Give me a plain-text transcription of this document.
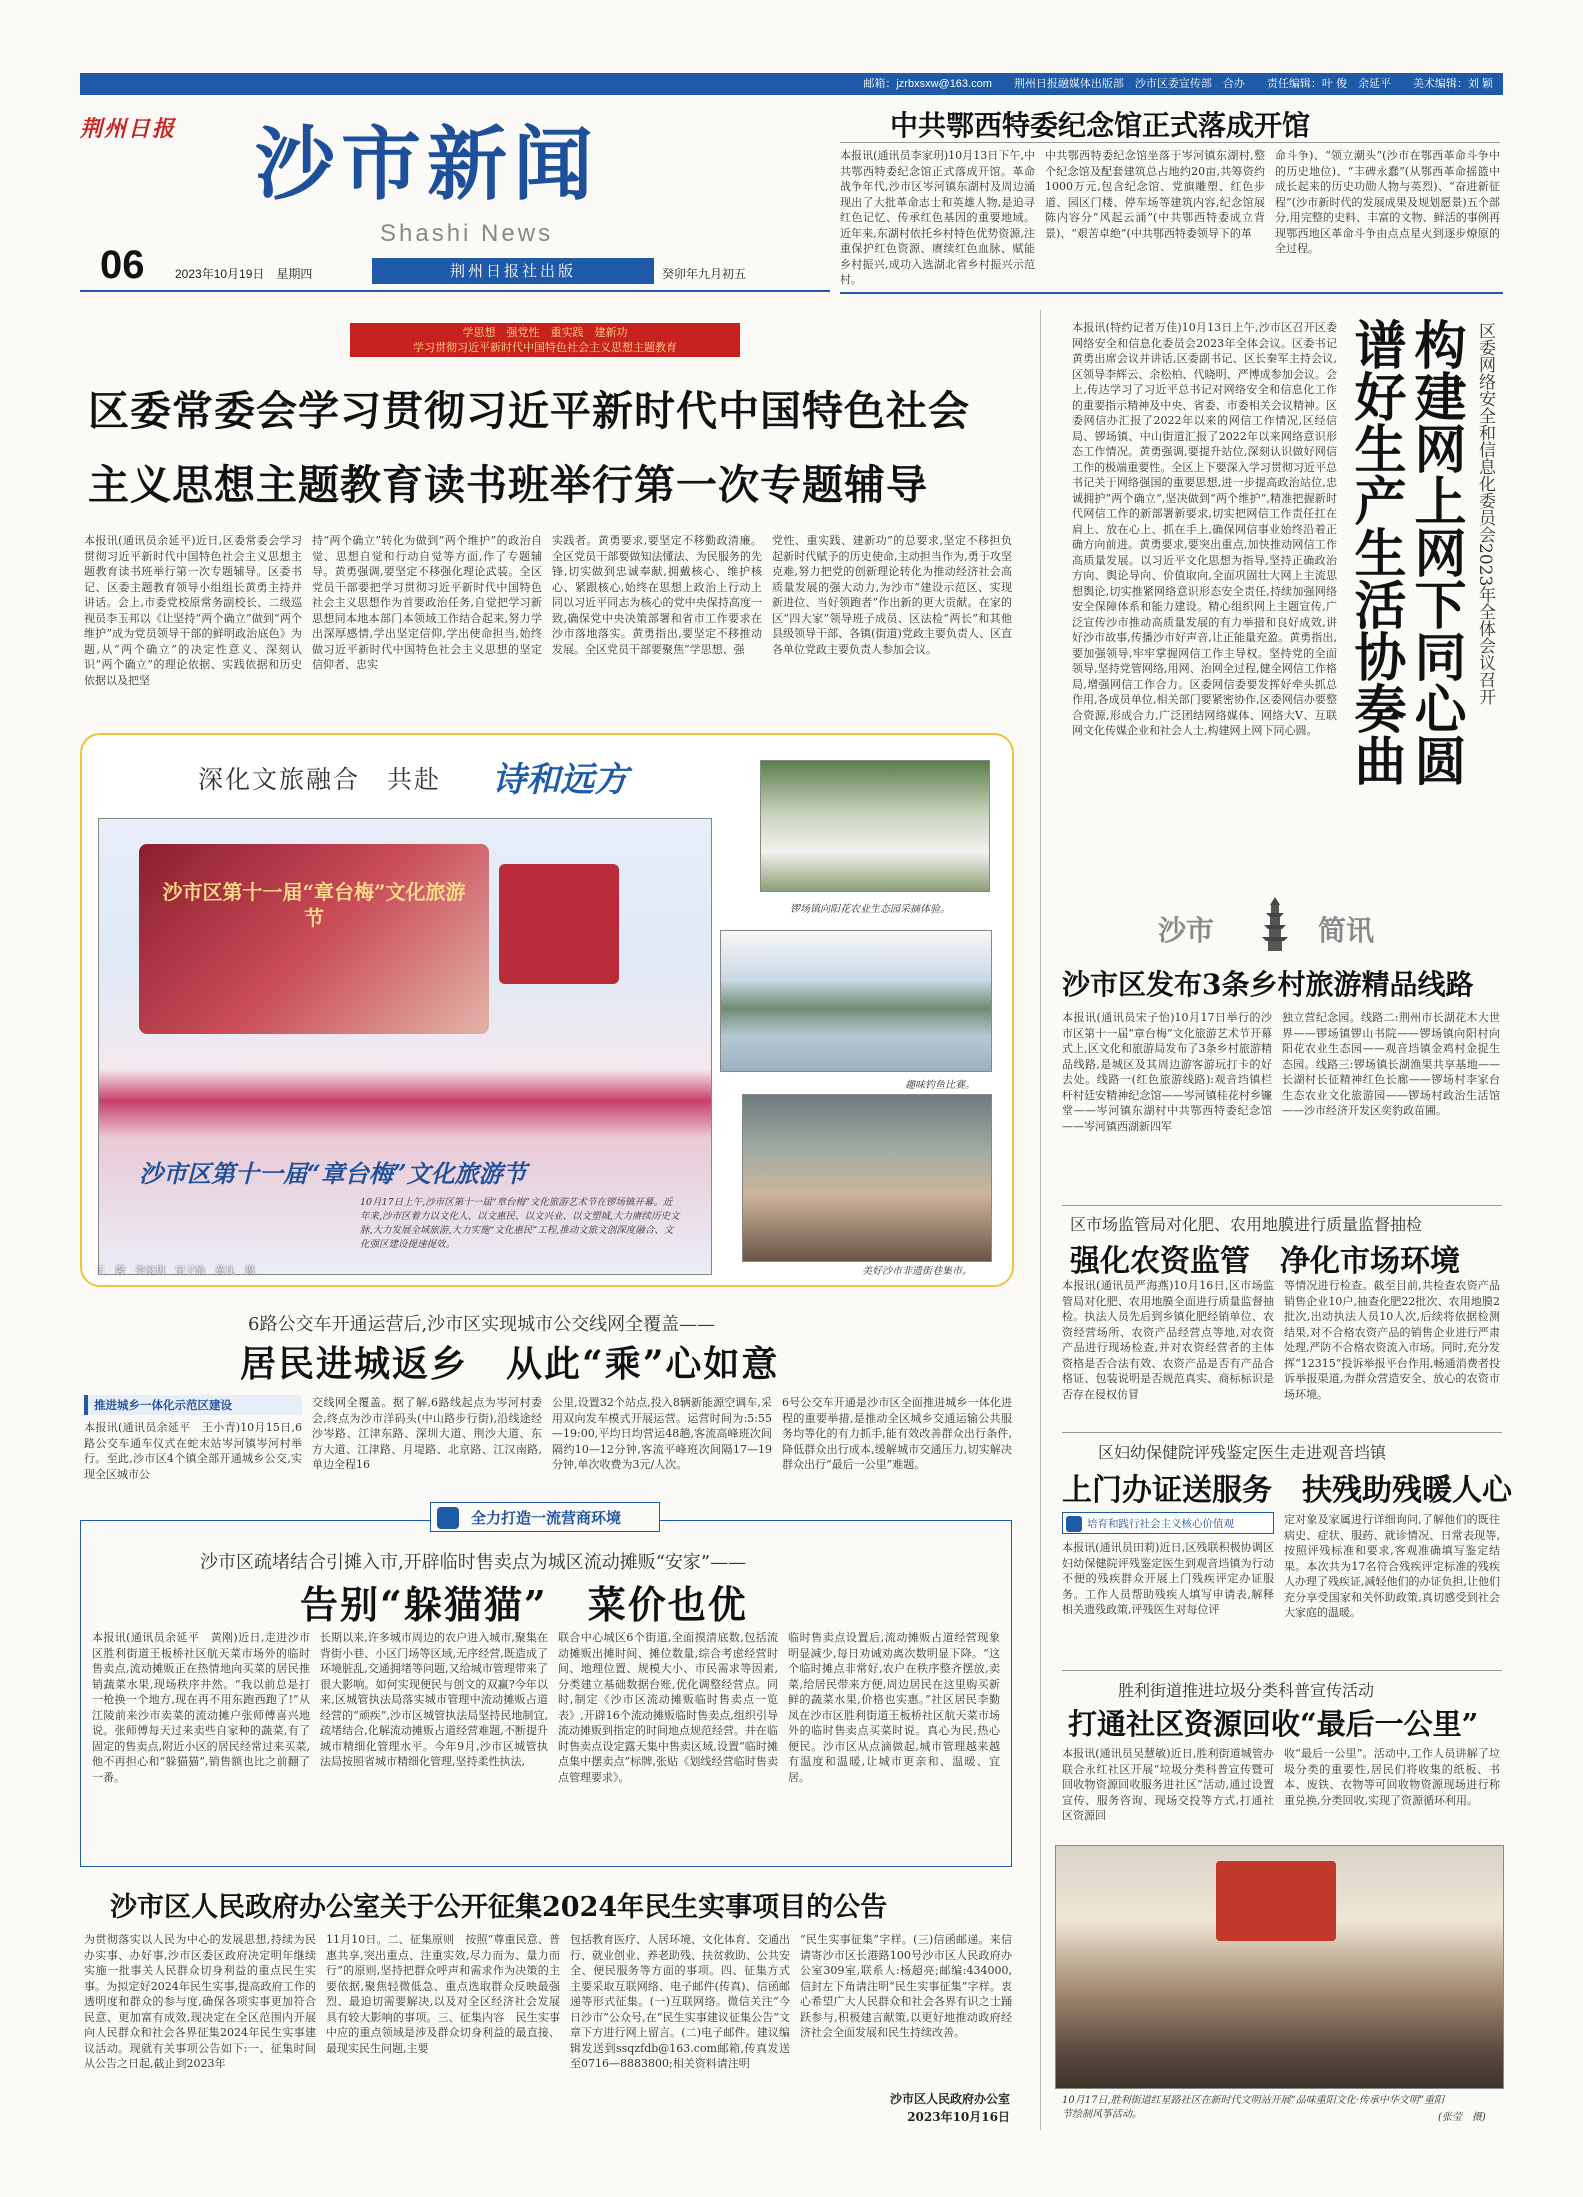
邮箱：jzrbxsxw@163.com　　荆州日报融媒体出版部　沙市区委宣传部　合办　　责任编辑：叶 俊　余延平　　美术编辑：刘 颖
荆州日报 沙市新闻
Shashi News
06	2023年10月19日　星期四	荆州日报社出版	癸卯年九月初五
中共鄂西特委纪念馆正式落成开馆
本报讯(通讯员李家玥)10月13日下午,中共鄂西特委纪念馆正式落成开馆。革命战争年代,沙市区岑河镇东湖村及周边涌现出了大批革命志士和英雄人物,是迫寻红色记忆、传承红色基因的重要地域。近年来,东湖村依托乡村特色优势资源,注重保护红色资源、赓续红色血脉、赋能乡村振兴,成功入选湖北省乡村振兴示范村。
中共鄂西特委纪念馆坐落于岑河镇东湖村,整个纪念馆及配套建筑总占地约20亩,共筹资约1000万元,包含纪念馆、党旗雕塑、红色步道、园区门楼、停车场等建筑内容,纪念馆展陈内容分“风起云涌”(中共鄂西特委成立背景)、“艰苦卓绝”(中共鄂西特委领导下的革
命斗争)、“领立潮头”(沙市在鄂西革命斗争中的历史地位)、“丰碑永蠢”(从鄂西革命摇篮中成长起来的历史功勋人物与英烈)、“奋进新征程”(沙市新时代的发展成果及规划愿景)五个部分,用完整的史料、丰富的文物、鲜活的事例再现鄂西地区革命斗争由点点星火到逐步燎原的全过程。
学思想　强党性　重实践　建新功
学习贯彻习近平新时代中国特色社会主义思想主题教育
区委常委会学习贯彻习近平新时代中国特色社会
主义思想主题教育读书班举行第一次专题辅导
本报讯(通讯员余延平)近日,区委常委会学习贯彻习近平新时代中国特色社会主义思想主题教育读书班举行第一次专题辅导。区委书记、区委主题教育领导小组组长黄勇主持并讲话。会上,市委党校原常务副校长、二级巡视员李玉邦以《让坚持“两个确立”做到“两个维护”成为党员领导干部的鲜明政治底色》为题,从“两个确立”的决定性意义、深刻认识“两个确立”的理论依据、实践依据和历史依据以及把坚
持“两个确立”转化为做到“两个维护”的政治自觉、思想自觉和行动自觉等方面,作了专题辅导。黄勇强调,要坚定不移强化理论武装。全区党员干部要把学习贯彻习近平新时代中国特色社会主义思想作为首要政治任务,自觉把学习新思想同本地本部门本领域工作结合起来,努力学出深厚感情,学出坚定信仰,学出使命担当,始终做习近平新时代中国特色社会主义思想的坚定信仰者、忠实
实践者。黄勇要求,要坚定不移勤政清廉。全区党员干部要做知法懂法、为民服务的先锋,切实做到忠诚奉献,拥戴核心、维护核心、紧跟核心,始终在思想上政治上行动上同以习近平同志为核心的党中央保持高度一致,确保党中央决策部署和省市工作要求在沙市落地落实。黄勇指出,要坚定不移推动发展。全区党员干部要聚焦“学思想、强
党性、重实践、建新功”的总要求,坚定不移担负起新时代赋予的历史使命,主动担当作为,勇于攻坚克难,努力把党的创新理论转化为推动经济社会高质量发展的强大动力,为沙市“建设示范区、实现新进位、当好领跑者”作出新的更大贡献。在家的区“四大家”领导班子成员、区法检“两长”和其他县级领导干部、各镇(街道)党政主要负责人、区直各单位党政主要负责人参加会议。
本报讯(特约记者万佳)10月13日上午,沙市区召开区委网络安全和信息化委员会2023年全体会议。区委书记黄勇出席会议并讲话,区委副书记、区长秦军主持会议,区领导李辉云、余松柏、代晓明、严博成参加会议。会上,传达学习了习近平总书记对网络安全和信息化工作的重要指示精神及中央、省委、市委相关会议精神。区委网信办汇报了2022年以来的网信工作情况,区经信局、锣场镇、中山街道汇报了2022年以来网络意识形态工作情况。黄勇强调,要提升站位,深刻认识做好网信工作的极端重要性。全区上下要深入学习贯彻习近平总书记关于网络强国的重要思想,进一步提高政治站位,忠诚拥护“两个确立”,坚决做到“两个维护”,精准把握新时代网信工作的新部署新要求,切实把网信工作责任扛在肩上、放在心上、抓在手上,确保网信事业始终沿着正确方向前进。黄勇要求,要突出重点,加快推动网信工作高质量发展。以习近平文化思想为指导,坚持正确政治方向、舆论导向、价值取向,全面巩固壮大网上主流思想舆论,切实推紧网络意识形态安全责任,持续加强网络安全保障体系和能力建设。精心组织网上主题宣传,广泛宣传沙市推动高质量发展的有力举措和良好成效,讲好沙市故事,传播沙市好声音,让正能量充盈。黄勇指出,要加强领导,牢牢掌握网信工作主导权。坚持党的全面领导,坚持党管网络,用网、治网全过程,健全网信工作格局,增强网信工作合力。区委网信委要发挥好牵头抓总作用,各成员单位,相关部门要紧密协作,区委网信办要整合资源,形成合力,广泛团结网络媒体、网络大V、互联网文化传媒企业和社会人士,构建网上网下同心圆。
区委网络安全和信息化委员会2023年全体会议召开
构建网上网下同心圆
谱好生产生活协奏曲
深化文旅融合　共赴 诗和远方
沙市区第十一届“章台梅”文化旅游节
沙市区第十一届“章台梅”文化旅游节
锣场镇向阳花农业生态园采摘体验。
趣味钓鱼比赛。
美好沙市非遗街巷集市。
10月17日上午,沙市区第十一届“章台梅”文化旅游艺术节在锣场镇开幕。近年来,沙市区着力以文化人、以文惠民、以文兴业、以文塑城,大力赓续历史文脉,大力发展全域旅游,大力实施“文化惠民”工程,推动文旅文创深度融合、文化强区建设提速提效。
王　馨　李家玥　宋子怡　黄凡　摄
沙市	简讯
沙市区发布3条乡村旅游精品线路
本报讯(通讯员宋子怡)10月17日举行的沙市区第十一届“章台梅”文化旅游艺术节开幕式上,区文化和旅游局发布了3条乡村旅游精品线路,是城区及其周边游客游玩打卡的好去处。线路一(红色旅游线路):观音垱镇栏杆村廷安精神纪念馆——岑河镇桂花村乡镰堂——岑河镇东湖村中共鄂西特委纪念馆——岑河镇西湖新四军
独立营纪念园。线路二:荆州市长湖花木大世界——锣场镇锣山书院——锣场镇向阳村向阳花农业生态园——观音垱镇金鸡村金捉生态园。线路三:锣场镇长湖渔果共享基地——长湖村长征精神红色长廊——锣场村李家台生态农业文化旅游园——锣场村政治生活馆——沙市经济开发区奕豹政苗圃。
区市场监管局对化肥、农用地膜进行质量监督抽检
强化农资监管　净化市场环境
本报讯(通讯员严海燕)10月16日,区市场监管局对化肥、农用地膜全面进行质量监督抽检。执法人员先后到乡镇化肥经销单位、农资经营场所、农资产品经营点等地,对农资产品进行现场检查,并对农资经营者的主体资格是否合法有效、农资产品是否有产品合格证、包装说明是否规范真实、商标标识是否存在侵权仿冒
等情况进行检查。截至目前,共检查农资产品销售企业10户,抽查化肥22批次、农用地膜2批次,出动执法人员10人次,后续将依据检测结果,对不合格农资产品的销售企业进行严肃处理,严防不合格农资流入市场。同时,充分发挥“12315”投诉举报平台作用,畅通消费者投诉举报渠道,为群众营造安全、放心的农资市场环境。
区妇幼保健院评残鉴定医生走进观音垱镇
上门办证送服务　扶残助残暖人心
培育和践行社会主义核心价值观
本报讯(通讯员田莉)近日,区残联积极协调区妇幼保健院评残鉴定医生到观音垱镇为行动不便的残疾群众开展上门残疾评定办证服务。工作人员帮助残疾人填写申请表,解释相关遗残政策,评残医生对每位评
定对象及家属进行详细询问,了解他们的既往病史、症状、服药、就诊情况、日常表现等,按照评残标准和要求,客观准确填写鉴定结果。本次共为17名符合残疾评定标准的残疾人办理了残疾证,减轻他们的办证负担,让他们充分享受国家和关怀助政策,真切感受到社会大家庭的温暖。
胜利街道推进垃圾分类科普宣传活动
打通社区资源回收“最后一公里”
本报讯(通讯员吴慧敏)近日,胜利街道城管办联合永红社区开展“垃圾分类科普宣传暨可回收物资源回收服务进社区”活动,通过设置宣传、服务咨询、现场交投等方式,打通社区资源回
收“最后一公里”。活动中,工作人员讲解了垃圾分类的重要性,居民们将收集的纸板、书本、废铁、衣物等可回收物资源现场进行称重兑换,分类回收,实现了资源循环利用。
10月17日,胜利街道红星路社区在新时代文明站开展“品味重阳文化·传承中华文明”重阳节绘制风筝活动。	(张莹　摄)
6路公交车开通运营后,沙市区实现城市公交线网全覆盖——
居民进城返乡　从此“乘”心如意
推进城乡一体化示范区建设
本报讯(通讯员余延平　王小青)10月15日,6路公交车通车仪式在蛇末站岑河镇岑河村举行。至此,沙市区4个镇全部开通城乡公交,实现全区城市公
交线网全覆盖。据了解,6路线起点为岑河村委会,终点为沙市洋码头(中山路步行街),沿线途经沙岑路、江津东路、深圳大道、荆沙大道、东方大道、江津路、月堤路、北京路、江汉南路,单边全程16
公里,设置32个站点,投入8辆新能源空调车,采用双向发车模式开展运营。运营时间为:5:55—19:00,平均日均营运48趟,客流高峰班次间隔约10—12分钟,客流平峰班次间隔17—19分钟,单次收费为3元/人次。
6号公交车开通是沙市区全面推进城乡一体化进程的重要举措,是推动全区城乡交通运输公共服务均等化的有力抓手,能有效改善群众出行条件,降低群众出行成本,缓解城市交通压力,切实解决群众出行“最后一公里”难题。
全力打造一流营商环境
沙市区疏堵结合引摊入市,开辟临时售卖点为城区流动摊贩“安家”——
告别“躲猫猫”　菜价也优
本报讯(通讯员余延平　黄刚)近日,走进沙市区胜利街道王板桥社区航天菜市场外的临时售卖点,流动摊贩正在热情地向买菜的居民推销蔬菜水果,现场秩序井然。“我以前总是打一枪换一个地方,现在再不用东跑西跑了!”从江陵前来沙市卖菜的流动摊户张师傅喜兴地说。张师傅每天过来卖些自家种的蔬菜,有了固定的售卖点,附近小区的居民经常过来买菜,他不再担心和“躲猫猫”,销售额也比之前翻了一番。
长期以来,许多城市周边的农户进入城市,聚集在背街小巷、小区门场等区域,无序经营,既造成了环境脏乱,交通拥堵等问题,又给城市管理带来了很大影响。如何实现便民与创文的双赢?今年以来,区城管执法局落实城市管理中流动摊贩占道经营的“顽疾”,沙市区城管执法局坚持民地制宜,疏堵结合,化解流动摊贩占道经营难题,不断提升城市精细化管理水平。今年9月,沙市区城管执法局按照省城市精细化管理,坚持柔性执法,
联合中心城区6个街道,全面摸清底数,包括流动摊贩出摊时间、摊位数量,综合考虑经营时间、地理位置、规模大小、市民需求等因素,分类建立基础数据台账,优化调整经营点。同时,制定《沙市区流动摊贩临时售卖点一览表》,开辟16个流动摊贩临时售卖点,组织引导流动摊贩到指定的时间地点规范经营。并在临时售卖点设定露天集中售卖区域,设置“临时摊点集中摆卖点”标牌,张贴《划线经营临时售卖点管理要求》。
临时售卖点设置后,流动摊贩占道经营现象明显减少,每日劝诫劝离次数明显下降。“这个临时摊点非常好,农户在秩序整齐摆放,卖菜,给居民带来方便,周边居民在这里购买新鲜的蔬菜水果,价格也实惠。”社区居民李勤凤在沙市区胜利街道王板桥社区航天菜市场外的临时售卖点买菜时说。真心为民,热心便民。沙市区从点滴做起,城市管理越来越有温度和温暖,让城市更亲和、温暖、宜居。
沙市区人民政府办公室关于公开征集2024年民生实事项目的公告
为贯彻落实以人民为中心的发展思想,持续为民办实事、办好事,沙市区委区政府决定明年继续实施一批事关人民群众切身利益的重点民生实事。为拟定好2024年民生实事,提高政府工作的透明度和群众的参与度,确保各项实事更加符合民意、更加富有成效,现决定在全区范围内开展向人民群众和社会各界征集2024年民生实事建议活动。现就有关事项公告如下:一、征集时间　从公告之日起,截止到2023年
11月10日。二、征集原则　按照“尊重民意、普惠共享,突出重点、注重实效,尽力而为、量力而行”的原则,坚持把群众呼声和需求作为决策的主要依据,聚焦轻微低急、重点选取群众反映最强烈、最迫切需要解决,以及对全区经济社会发展具有较大影响的事项。三、征集内容　民生实事中应的重点领域是涉及群众切身利益的最直接、最现实民生问题,主要
包括教育医疗、人居环境、文化体育、交通出行、就业创业、养老助残、扶贫救助、公共安全、便民服务等方面的事项。四、征集方式　主要采取互联网络、电子邮件(传真)、信函邮递等形式征集。(一)互联网络。微信关注“今日沙市”公众号,在“民生实事建议征集公告”文章下方进行网上留言。(二)电子邮件。建议编辑发送到ssqzfdb@163.com邮箱,传真发送至0716—8883800;相关资料请注明
“民生实事征集”字样。(三)信函邮递。来信请寄沙市区长港路100号沙市区人民政府办公室309室,联系人:杨超亮;邮编:434000,信封左下角请注明“民生实事征集”字样。衷心希望广大人民群众和社会各界有识之士踊跃参与,积极建言献策,以更好地推动政府经济社会全面发展和民生持续改善。
沙市区人民政府办公室
2023年10月16日
